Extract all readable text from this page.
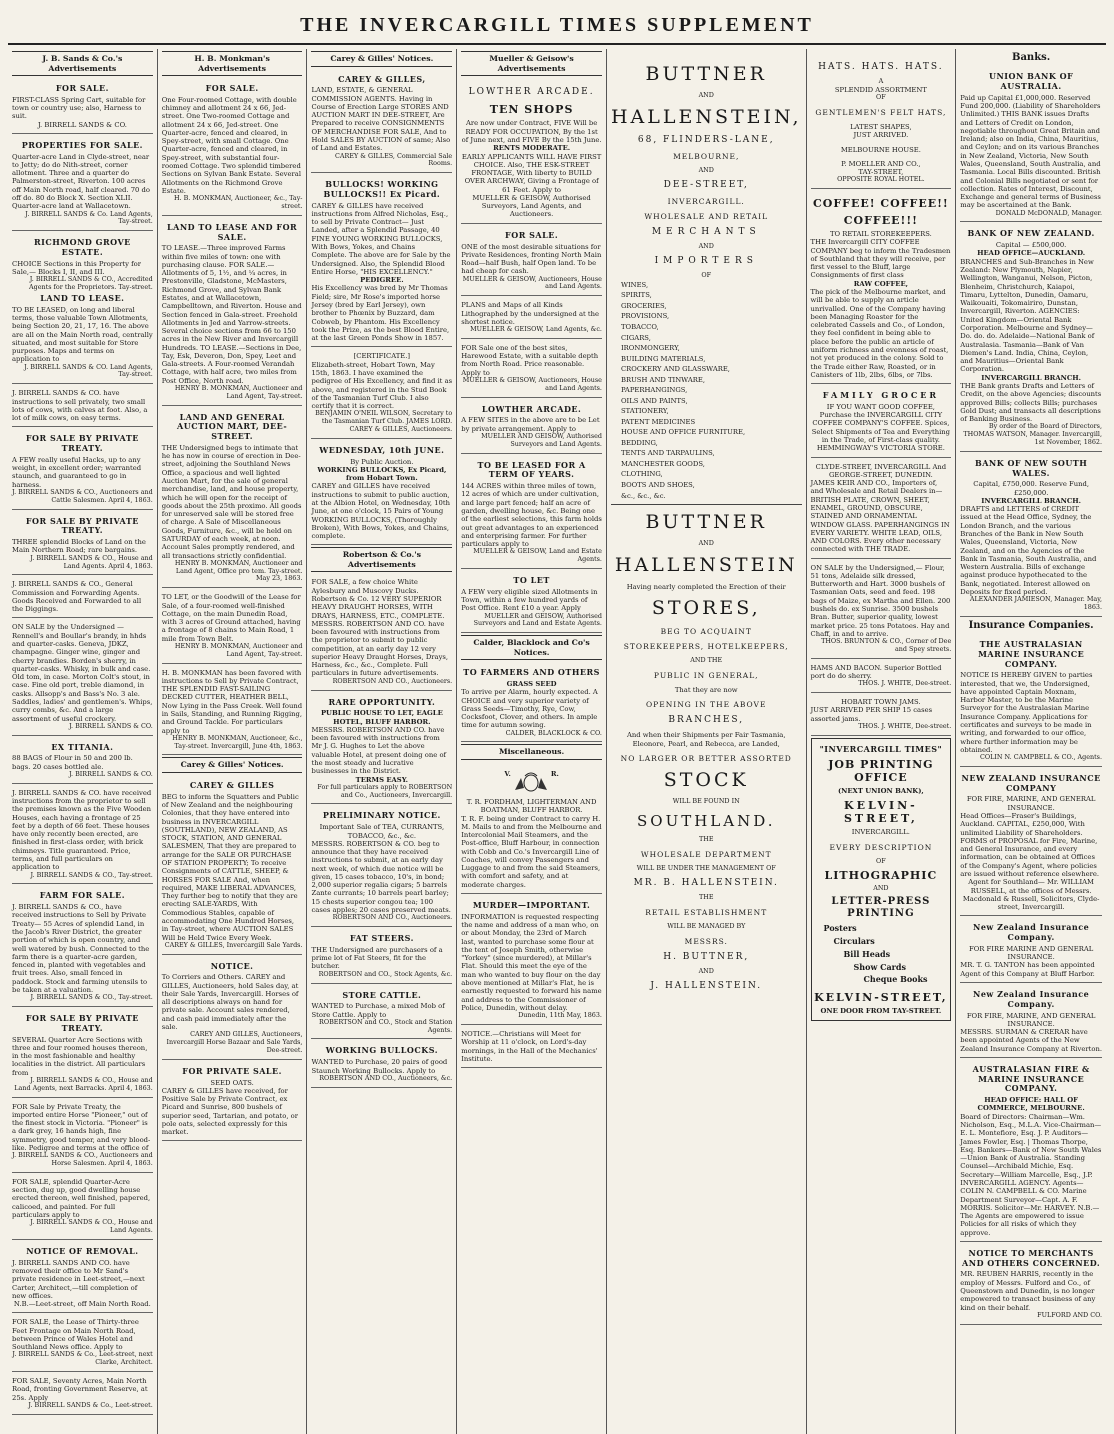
THE INVERCARGILL TIMES SUPPLEMENT
J. B. Sands & Co.'s Advertisements
FOR SALE.
FIRST-CLASS Spring Cart, suitable for town or country use; also, Harness to suit.
J. BIRRELL SANDS & CO.
PROPERTIES FOR SALE.
Quarter-acre Land in Clyde-street, near to Jetty; do do Nith-street, corner allotment. Three and a quarter do Palmerston-street, Riverton. 100 acres off Main North road, half cleared. 70 do off do. 80 do Block X. Section XLII. Quarter-acre land at Wallacetown.
J. BIRRELL SANDS & Co. Land Agents, Tay-street.
RICHMOND GROVE ESTATE.
CHOICE Sections in this Property for Sale,— Blocks I, II, and III.
J. BIRRELL SANDS & CO., Accredited Agents for the Proprietors. Tay-street.
LAND TO LEASE.
TO BE LEASED, on long and liberal terms, those valuable Town Allotments, being Section 20, 21, 17, 16. The above are all on the Main North road, centrally situated, and most suitable for Store purposes. Maps and terms on application to
J. BIRRELL SANDS & CO. Land Agents, Tay-street.
J. BIRRELL SANDS & CO. have instructions to sell privately, two small lots of cows, with calves at foot. Also, a lot of milk cows, on easy terms.
FOR SALE BY PRIVATE TREATY.
A FEW really useful Hacks, up to any weight, in excellent order; warranted staunch, and guaranteed to go in harness.
J. BIRRELL SANDS & CO., Auctioneers and Cattle Salesmen. April 4, 1863.
FOR SALE BY PRIVATE TREATY.
THREE splendid Blocks of Land on the Main Northern Road; rare bargains.
J. BIRRELL SANDS & CO., House and Land Agents. April 4, 1863.
J. BIRRELL SANDS & CO., General Commission and Forwarding Agents. Goods Received and Forwarded to all the Diggings.
ON SALE by the Undersigned — Rennell's and Boullar's brandy, in hhds and quarter-casks. Geneva, JDKZ, champagne. Ginger wine, ginger and cherry brandies. Borden's sherry, in quarter-casks. Whisky, in bulk and case. Old tom, in case. Morton Colt's stout, in case. Fine old port, treble diamond, in casks. Allsopp's and Bass's No. 3 ale. Saddles, ladies' and gentlemen's. Whips, curry combs, &c. And a large assortment of useful crockery.
J. BIRRELL SANDS & CO.
EX TITANIA.
88 BAGS of Flour in 50 and 200 lb. bags. 20 cases bottled ale.
J. BIRRELL SANDS & CO.
J. BIRRELL SANDS & CO. have received instructions from the proprietor to sell the premises known as the Five Wooden Houses, each having a frontage of 25 feet by a depth of 66 feet. These houses have only recently been erected, are finished in first-class order, with brick chimneys. Title guaranteed. Price, terms, and full particulars on application to
J. BIRRELL SANDS & CO., Tay-street.
FARM FOR SALE.
J. BIRRELL SANDS & CO., have received instructions to Sell by Private Treaty— 55 Acres of splendid Land, in the Jacob's River District, the greater portion of which is open country, and well watered by bush. Connected to the farm there is a quarter-acre garden, fenced in, planted with vegetables and fruit trees. Also, small fenced in paddock. Stock and farming utensils to be taken at a valuation.
J. BIRRELL SANDS & CO., Tay-street.
FOR SALE BY PRIVATE TREATY.
SEVERAL Quarter Acre Sections with three and four roomed houses thereon, in the most fashionable and healthy localities in the district. All particulars from
J. BIRRELL SANDS & CO., House and Land Agents, next Barracks. April 4, 1863.
FOR Sale by Private Treaty, the imported entire Horse "Pioneer," out of the finest stock in Victoria. "Pioneer" is a dark grey, 16 hands high, fine symmetry, good temper, and very blood-like. Pedigree and terms at the office of
J. BIRRELL SANDS & CO., Auctioneers and Horse Salesmen. April 4, 1863.
FOR SALE, splendid Quarter-Acre section, dug up, good dwelling house erected thereon, well finished, papered, calicoed, and painted. For full particulars apply to
J. BIRRELL SANDS & CO., House and Land Agents.
NOTICE OF REMOVAL.
J. BIRRELL SANDS AND CO. have removed their office to Mr Sand's private residence in Leet-street,—next Carter, Architect,—till completion of new offices.
N.B.—Leet-street, off Main North Road.
FOR SALE, the Lease of Thirty-three Feet Frontage on Main North Road, between Prince of Wales Hotel and Southland News office. Apply to
J. BIRRELL SANDS & Co., Leet-street, next Clarke, Architect.
FOR SALE, Seventy Acres, Main North Road, fronting Government Reserve, at 25s. Apply
J. BIRRELL SANDS & Co., Leet-street.
H. B. Monkman's Advertisements
FOR SALE.
One Four-roomed Cottage, with double chimney and allotment 24 x 66, Jed-street. One Two-roomed Cottage and allotment 24 x 66, Jed-street. One Quarter-acre, fenced and cleared, in Spey-street, with small Cottage. One Quarter-acre, fenced and cleared, in Spey-street, with substantial four-roomed Cottage. Two splendid timbered Sections on Sylvan Bank Estate. Several Allotments on the Richmond Grove Estate.
H. B. MONKMAN, Auctioneer, &c., Tay-street.
LAND TO LEASE AND FOR SALE.
TO LEASE.—Three improved Farms within five miles of town: one with purchasing clause. FOR SALE.—Allotments of 5, 1½, and ¼ acres, in Prestonville, Gladstone, McMasters, Richmond Grove, and Sylvan Bank Estates, and at Wallacetown, Campbelltown, and Riverton. House and Section fenced in Gala-street. Freehold Allotments in Jed and Yarrow-streets. Several choice sections from 66 to 150 acres in the New River and Invercargill Hundreds. TO LEASE.—Sections in Dee, Tay, Esk, Deveron, Don, Spey, Leet and Gala-streets. A Four-roomed Verandah Cottage, with half acre, two miles from Post Office, North road.
HENRY B. MONKMAN, Auctioneer and Land Agent, Tay-street.
LAND AND GENERAL AUCTION MART, DEE-STREET.
THE Undersigned begs to intimate that he has now in course of erection in Dee-street, adjoining the Southland News Office, a spacious and well lighted Auction Mart, for the sale of general merchandise, land, and house property, which he will open for the receipt of goods about the 25th proximo. All goods for unreserved sale will be stored free of charge. A Sale of Miscellaneous Goods, Furniture, &c., will be held on SATURDAY of each week, at noon. Account Sales promptly rendered, and all transactions strictly confidential.
HENRY B. MONKMAN, Auctioneer and Land Agent, Office pro tem. Tay-street. May 23, 1863.
TO LET, or the Goodwill of the Lease for Sale, of a four-roomed well-finished Cottage, on the main Dunedin Road, with 3 acres of Ground attached, having a frontage of 8 chains to Main Road, 1 mile from Town Belt.
HENRY B. MONKMAN, Auctioneer and Land Agent, Tay-street.
H. B. MONKMAN has been favored with instructions to Sell by Private Contract, THE SPLENDID FAST-SAILING DECKED CUTTER, HEATHER BELL, Now Lying in the Pass Creek. Well found in Sails, Standing, and Running Rigging, and Ground Tackle. For particulars apply to
HENRY B. MONKMAN, Auctioneer, &c., Tay-street. Invercargill, June 4th, 1863.
Carey & Gilles' Notices.
CAREY & GILLES
BEG to inform the Squatters and Public of New Zealand and the neighbouring Colonies, that they have entered into business in INVERCARGILL (SOUTHLAND), NEW ZEALAND, AS STOCK, STATION, AND GENERAL SALESMEN, That they are prepared to arrange for the SALE OR PURCHASE OF STATION PROPERTY; To receive Consignments of CATTLE, SHEEP, & HORSES FOR SALE And, when required, MAKE LIBERAL ADVANCES, They further beg to notify that they are erecting SALE-YARDS, With Commodious Stables, capable of accommodating One Hundred Horses, in Tay-street, where AUCTION SALES Will be Held Twice Every Week.
CAREY & GILLES, Invercargill Sale Yards.
NOTICE.
To Corriers and Others. CAREY and GILLES, Auctioneers, hold Sales day, at their Sale Yards, Invercargill. Horses of all descriptions always on hand for private sale. Account sales rendered, and cash paid immediately after the sale.
CAREY AND GILLES, Auctioneers, Invercargill Horse Bazaar and Sale Yards, Dee-street.
FOR PRIVATE SALE.
SEED OATS.
CAREY & GILLES have received, for Positive Sale by Private Contract, ex Picard and Sunrise, 800 bushels of superior seed, Tartarian, and potato, or pole oats, selected expressly for this market.
Carey & Gilles' Notices.
CAREY & GILLES,
LAND, ESTATE, & GENERAL COMMISSION AGENTS. Having in Course of Erection Large STORES AND AUCTION MART IN DEE-STREET, Are Prepared to receive CONSIGNMENTS OF MERCHANDISE FOR SALE, And to Hold SALES BY AUCTION of same; Also of Land and Estates.
CAREY & GILLES, Commercial Sale Rooms.
BULLOCKS! WORKING BULLOCKS!! Ex Picard.
CAREY & GILLES have received instructions from Alfred Nicholas, Esq., to sell by Private Contract— Just Landed, after a Splendid Passage, 40 FINE YOUNG WORKING BULLOCKS, With Bows, Yokes, and Chains Complete. The above are for Sale by the Undersigned. Also, the Splendid Blood Entire Horse, "HIS EXCELLENCY."
PEDIGREE.
His Excellency was bred by Mr Thomas Field; sire, Mr Rose's imported horse Jersey (bred by Earl Jersey), own brother to Phœnix by Buzzard, dam Cobweb, by Phantom. His Excellency took the Prize, as the best Blood Entire, at the last Green Ponds Show in 1857.
[CERTIFICATE.]
Elizabeth-street, Hobart Town, May 15th, 1863. I have examined the pedigree of His Excellency, and find it as above, and registered in the Stud Book of the Tasmanian Turf Club. I also certify that it is correct.
BENJAMIN O'NEIL WILSON, Secretary to the Tasmanian Turf Club. JAMES LORD. CAREY & GILLES, Auctioneers.
WEDNESDAY, 10th JUNE.
By Public Auction.
WORKING BULLOCKS, Ex Picard, from Hobart Town.
CAREY and GILLES have received instructions to submit to public auction, at the Albion Hotel, on Wednesday, 10th June, at one o'clock, 15 Pairs of Young WORKING BULLOCKS, (Thoroughly Broken), With Bows, Yokes, and Chains, complete.
Robertson & Co.'s Advertisements
FOR SALE, a few choice White Aylesbury and Muscovy Ducks. Robertson & Co. 12 VERY SUPERIOR HEAVY DRAUGHT HORSES, WITH DRAYS, HARNESS, ETC., COMPLETE.
MESSRS. ROBERTSON AND CO. have been favoured with instructions from the proprietor to submit to public competition, at an early day 12 very superior Heavy Draught Horses, Drays, Harness, &c., &c., Complete. Full particulars in future advertisements.
ROBERTSON AND CO., Auctioneers.
RARE OPPORTUNITY.
PUBLIC HOUSE TO LET, EAGLE HOTEL, BLUFF HARBOR.
MESSRS. ROBERTSON AND CO. have been favoured with instructions from Mr J. G. Hughes to Let the above valuable Hotel, at present doing one of the most steady and lucrative businesses in the District.
TERMS EASY.
For full particulars apply to ROBERTSON and Co., Auctioneers, Invercargill.
PRELIMINARY NOTICE.
Important Sale of TEA, CURRANTS, TOBACCO, &c., &c.
MESSRS. ROBERTSON & CO. beg to announce that they have received instructions to submit, at an early day next week, of which due notice will be given, 15 cases tobacco, 10's, in bond; 2,000 superior regalia cigars; 5 barrels Zante currants; 10 barrels pearl barley; 15 chests superior congou tea; 100 cases apples; 20 cases preserved meats.
ROBERTSON AND CO., Auctioneers.
FAT STEERS.
THE Undersigned are purchasers of a prime lot of Fat Steers, fit for the butcher.
ROBERTSON and CO., Stock Agents, &c.
STORE CATTLE.
WANTED to Purchase, a mixed Mob of Store Cattle. Apply to
ROBERTSON and CO., Stock and Station Agents.
WORKING BULLOCKS.
WANTED to Purchase, 20 pairs of good Staunch Working Bullocks. Apply to
ROBERTSON AND CO., Auctioneers, &c.
Mueller & Geisow's Advertisements
LOWTHER ARCADE.
TEN SHOPS
Are now under Contract, FIVE Will be READY FOR OCCUPATION, By the 1st of June next, and FIVE By the 15th June.
RENTS MODERATE.
EARLY APPLICANTS WILL HAVE FIRST CHOICE. Also, THE ESK-STREET FRONTAGE, With liberty to BUILD OVER ARCHWAY, Giving a Frontage of 61 Feet. Apply to
MUELLER & GEISOW, Authorised Surveyors, Land Agents, and Auctioneers.
FOR SALE.
ONE of the most desirable situations for Private Residences, fronting North Main Road—half Bush, half Open land. To be had cheap for cash.
MUELLER & GEISOW, Auctioneers, House and Land Agents.
PLANS and Maps of all Kinds Lithographed by the undersigned at the shortest notice.
MUELLER & GEISOW, Land Agents, &c.
FOR Sale one of the best sites, Harewood Estate, with a suitable depth from North Road. Price reasonable. Apply to
MUELLER & GEISOW, Auctioneers, House and Land Agents.
LOWTHER ARCADE.
A FEW SITES in the above are to be Let by private arrangement. Apply to
MUELLER AND GEISOW, Authorised Surveyors and Land Agents.
TO BE LEASED FOR A TERM OF YEARS.
144 ACRES within three miles of town, 12 acres of which are under cultivation, and large part fenced; half an acre of garden, dwelling house, &c. Being one of the earliest selections, this farm holds out great advantages to an experienced and enterprising farmer. For further particulars apply to
MUELLER & GEISOW, Land and Estate Agents.
TO LET
A FEW very eligible sized Allotments in Town, within a few hundred yards of Post Office. Rent £10 a year. Apply
MUELLER and GEISOW, Authorised Surveyors and Land and Estate Agents.
Calder, Blacklock and Co's Notices.
TO FARMERS AND OTHERS
GRASS SEED
To arrive per Alarm, hourly expected. A CHOICE and very superior variety of Grass Seeds—Timothy, Rye, Cow, Cocksfoot, Clover, and others. In ample time for autumn sowing.
CALDER, BLACKLOCK & CO.
Miscellaneous.
V.	R.
T. R. FORDHAM, LIGHTERMAN AND BOATMAN, BLUFF HARBOR.
T. R. F. being under Contract to carry H. M. Mails to and from the Melbourne and Intercolonial Mail Steamers, and the Post-office, Bluff Harbour, in connection with Cobb and Co.'s Invercargill Line of Coaches, will convey Passengers and Luggage to and from the said Steamers, with comfort and safety, and at moderate charges.
MURDER—IMPORTANT.
INFORMATION is requested respecting the name and address of a man who, on or about Monday, the 23rd of March last, wanted to purchase some flour at the tent of Joseph Smith, otherwise "Yorkey" (since murdered), at Millar's Flat. Should this meet the eye of the man who wanted to buy flour on the day above mentioned at Millar's Flat, he is earnestly requested to forward his name and address to the Commissioner of Police, Dunedin, without delay.
Dunedin, 11th May, 1863.
NOTICE.—Christians will Meet for Worship at 11 o'clock, on Lord's-day mornings, in the Hall of the Mechanics' Institute.
BUTTNER
AND
HALLENSTEIN,
68, FLINDERS-LANE,
MELBOURNE,
AND
DEE-STREET,
INVERCARGILL.
WHOLESALE AND RETAIL
MERCHANTS
AND
IMPORTERS
OF
WINES,
SPIRITS,
GROCERIES,
PROVISIONS,
TOBACCO,
CIGARS,
IRONMONGERY,
BUILDING MATERIALS,
CROCKERY AND GLASSWARE,
BRUSH AND TINWARE,
PAPERHANGINGS,
OILS AND PAINTS,
STATIONERY,
PATENT MEDICINES
HOUSE AND OFFICE FURNITURE,
BEDDING,
TENTS AND TARPAULINS,
MANCHESTER GOODS,
CLOTHING,
BOOTS AND SHOES,
&c., &c., &c.
BUTTNER
AND
HALLENSTEIN
Having nearly completed the Erection of their
STORES,
BEG TO ACQUAINT
STOREKEEPERS, HOTELKEEPERS,
AND THE
PUBLIC IN GENERAL,
That they are now
OPENING IN THE ABOVE
BRANCHES,
And when their Shipments per Fair Tasmania, Eleonore, Pearl, and Rebecca, are Landed,
NO LARGER OR BETTER ASSORTED
STOCK
WILL BE FOUND IN
SOUTHLAND.
THE
WHOLESALE DEPARTMENT
WILL BE UNDER THE MANAGEMENT OF
MR. B. HALLENSTEIN.
THE
RETAIL ESTABLISHMENT
WILL BE MANAGED BY
MESSRS.
H. BUTTNER,
AND
J. HALLENSTEIN.
HATS. HATS. HATS.
A
SPLENDID ASSORTMENT
OF
GENTLEMEN'S FELT HATS,
LATEST SHAPES,
JUST ARRIVED.
MELBOURNE HOUSE.
P. MOELLER AND CO.,
TAY-STREET,
OPPOSITE ROYAL HOTEL.
COFFEE! COFFEE!!
COFFEE!!!
TO RETAIL STOREKEEPERS.
THE Invercargill CITY COFFEE COMPANY beg to inform the Tradesmen of Southland that they will receive, per first vessel to the Bluff, large Consignments of first class
RAW COFFEE,
The pick of the Melbourne market, and will be able to supply an article unrivalled. One of the Company having been Managing Roaster for the celebrated Cassels and Co., of London, they feel confident in being able to place before the public an article of uniform richness and evenness of roast, not yet produced in the colony. Sold to the Trade either Raw, Roasted, or in Canisters of 1lb, 2lbs, 6lbs, or 7lbs.
FAMILY GROCER
IF YOU WANT GOOD COFFEE, Purchase the INVERCARGILL CITY COFFEE COMPANY'S COFFEE. Spices, Select Shipments of Tea and Everything in the Trade, of First-class quality.
HEMMINGWAY'S VICTORIA STORE.
CLYDE-STREET, INVERCARGILL And GEORGE-STREET, DUNEDIN.
JAMES KEIR AND CO., Importers of, and Wholesale and Retail Dealers in— BRITISH PLATE, CROWN, SHEET, ENAMEL, GROUND, OBSCURE, STAINED AND ORNAMENTAL WINDOW GLASS. PAPERHANGINGS IN EVERY VARIETY. WHITE LEAD, OILS, AND COLORS. Every other necessary connected with THE TRADE.
ON SALE by the Undersigned,— Flour, 51 tons, Adelaide silk dressed, Butterworth and Hart. 3000 bushels of Tasmanian Oats, seed and feed. 198 bags of Maize, ex Martha and Ellen. 200 bushels do. ex Sunrise. 3500 bushels Bran. Butter, superior quality, lowest market price. 25 tons Potatoes. Hay and Chaff, in and to arrive.
THOS. BRUNTON & CO., Corner of Dee and Spey streets.
HAMS AND BACON. Superior Bottled port do do sherry.
THOS. J. WHITE, Dee-street.
HOBART TOWN JAMS.
JUST ARRIVED PER SHIP 15 cases assorted jams.
THOS. J. WHITE, Dee-street.
"INVERCARGILL TIMES"
JOB PRINTING OFFICE
(NEXT UNION BANK),
KELVIN-STREET,
INVERCARGILL.
EVERY DESCRIPTION
OF
LITHOGRAPHIC
AND
LETTER-PRESS PRINTING
Posters
Circulars
Bill Heads
Show Cards
Cheque Books
KELVIN-STREET,
ONE DOOR FROM TAY-STREET.
Banks.
UNION BANK OF AUSTRALIA.
Paid up Capital £1,000,000. Reserved Fund 200,000. (Liability of Shareholders Unlimited.) THIS BANK issues Drafts and Letters of Credit on London, negotiable throughout Great Britain and Ireland; also on India, China, Mauritius, and Ceylon; and on its various Branches in New Zealand, Victoria, New South Wales, Queensland, South Australia, and Tasmania. Local Bills discounted. British and Colonial Bills negotiated or sent for collection. Rates of Interest, Discount, Exchange and general terms of Business may be ascertained at the Bank.
DONALD McDONALD, Manager.
BANK OF NEW ZEALAND.
Capital — £500,000.
HEAD OFFICE—AUCKLAND.
BRANCHES and Sub-Branches in New Zealand: New Plymouth, Napier, Wellington, Wanganui, Nelson, Picton, Blenheim, Christchurch, Kaiapoi, Timaru, Lyttelton, Dunedin, Oamaru, Waikouaiti, Tokomairiro, Dunstan, Invercargill, Riverton. AGENCIES: United Kingdom—Oriental Bank Corporation. Melbourne and Sydney—Do. do. do. Adelaide—National Bank of Australasia. Tasmania—Bank of Van Diemen's Land. India, China, Ceylon, and Mauritius—Oriental Bank Corporation.
INVERCARGILL BRANCH.
THE Bank grants Drafts and Letters of Credit, on the above Agencies; discounts approved Bills; collects Bills; purchases Gold Dust; and transacts all descriptions of Banking Business.
By order of the Board of Directors, THOMAS WATSON, Manager. Invercargill, 1st November, 1862.
BANK OF NEW SOUTH WALES.
Capital, £750,000. Reserve Fund, £250,000.
INVERCARGILL BRANCH.
DRAFTS and LETTERS of CREDIT issued at the Head Office, Sydney, the London Branch, and the various Branches of the Bank in New South Wales, Queensland, Victoria, New Zealand, and on the Agencies of the Bank in Tasmania, South Australia, and Western Australia. Bills of exchange against produce hypothecated to the Bank, negotiated. Interest allowed on Deposits for fixed period.
ALEXANDER JAMIESON, Manager. May, 1863.
Insurance Companies.
THE AUSTRALASIAN MARINE INSURANCE COMPANY.
NOTICE IS HEREBY GIVEN to parties interested, that we, the Undersigned, have appointed Captain Moxnam, Harbor Master, to be the Marine Surveyor for the Australasian Marine Insurance Company. Applications for certificates and surveys to be made in writing, and forwarded to our office, where further information may be obtained.
COLIN N. CAMPBELL & CO., Agents.
NEW ZEALAND INSURANCE COMPANY
FOR FIRE, MARINE, AND GENERAL INSURANCE.
Head Offices—Fraser's Buildings, Auckland. CAPITAL, £250,000, With unlimited Liability of Shareholders. FORMS of PROPOSAL for Fire, Marine, and General Insurance, and every information, can be obtained at Offices of the Company's Agent, where policies are issued without reference elsewhere.
Agent for Southland— Mr. WILLIAM RUSSELL, at the offices of Messrs. Macdonald & Russell, Solicitors, Clyde-street, Invercargill.
New Zealand Insurance Company.
FOR FIRE MARINE AND GENERAL INSURANCE.
MR. T. G. TANTON has been appointed Agent of this Company at Bluff Harbor.
New Zealand Insurance Company.
FOR FIRE, MARINE, AND GENERAL INSURANCE.
MESSRS. SURMAN & CRERAR have been appointed Agents of the New Zealand Insurance Company at Riverton.
AUSTRALASIAN FIRE & MARINE INSURANCE COMPANY.
HEAD OFFICE: HALL OF COMMERCE, MELBOURNE.
Board of Directors: Chairman—Wm. Nicholson, Esq., M.L.A. Vice-Chairman—E. L. Montefiore, Esq. J. P. Auditors—James Fowler, Esq. | Thomas Thorpe, Esq. Bankers—Bank of New South Wales—Union Bank of Australia. Standing Counsel—Archibald Michie, Esq. Secretary—William Marcelle, Esq., J.P. INVERCARGILL AGENCY. Agents—COLIN N. CAMPBELL & CO. Marine Department Surveyor—Capt. A. F. MORRIS. Solicitor—Mr. HARVEY. N.B.—The Agents are empowered to issue Policies for all risks of which they approve.
NOTICE TO MERCHANTS AND OTHERS CONCERNED.
MR. REUBEN HARRIS, recently in the employ of Messrs. Fulford and Co., of Queenstown and Dunedin, is no longer empowered to transact business of any kind on their behalf.
FULFORD AND CO.
